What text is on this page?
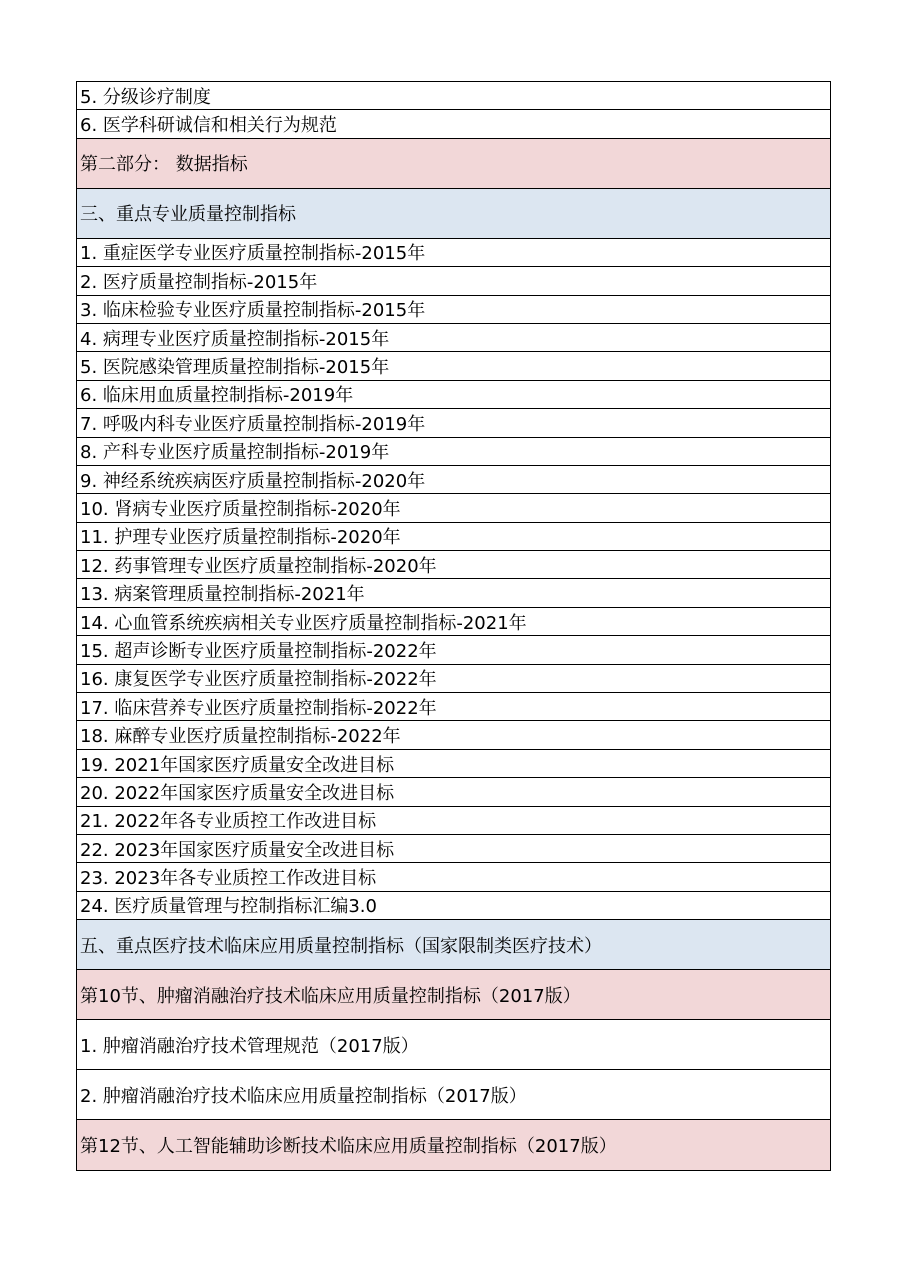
5. 分级诊疗制度
6. 医学科研诚信和相关行为规范
第二部分： 数据指标
三、重点专业质量控制指标
1. 重症医学专业医疗质量控制指标-2015年
2. 医疗质量控制指标-2015年
3. 临床检验专业医疗质量控制指标-2015年
4. 病理专业医疗质量控制指标-2015年
5. 医院感染管理质量控制指标-2015年
6. 临床用血质量控制指标-2019年
7. 呼吸内科专业医疗质量控制指标-2019年
8. 产科专业医疗质量控制指标-2019年
9. 神经系统疾病医疗质量控制指标-2020年
10. 肾病专业医疗质量控制指标-2020年
11. 护理专业医疗质量控制指标-2020年
12. 药事管理专业医疗质量控制指标-2020年
13. 病案管理质量控制指标-2021年
14. 心血管系统疾病相关专业医疗质量控制指标-2021年
15. 超声诊断专业医疗质量控制指标-2022年
16. 康复医学专业医疗质量控制指标-2022年
17. 临床营养专业医疗质量控制指标-2022年
18. 麻醉专业医疗质量控制指标-2022年
19. 2021年国家医疗质量安全改进目标
20. 2022年国家医疗质量安全改进目标
21. 2022年各专业质控工作改进目标
22. 2023年国家医疗质量安全改进目标
23. 2023年各专业质控工作改进目标
24. 医疗质量管理与控制指标汇编3.0
五、重点医疗技术临床应用质量控制指标（国家限制类医疗技术）
第10节、肿瘤消融治疗技术临床应用质量控制指标（2017版）
1. 肿瘤消融治疗技术管理规范（2017版）
2. 肿瘤消融治疗技术临床应用质量控制指标（2017版）
第12节、人工智能辅助诊断技术临床应用质量控制指标（2017版）
